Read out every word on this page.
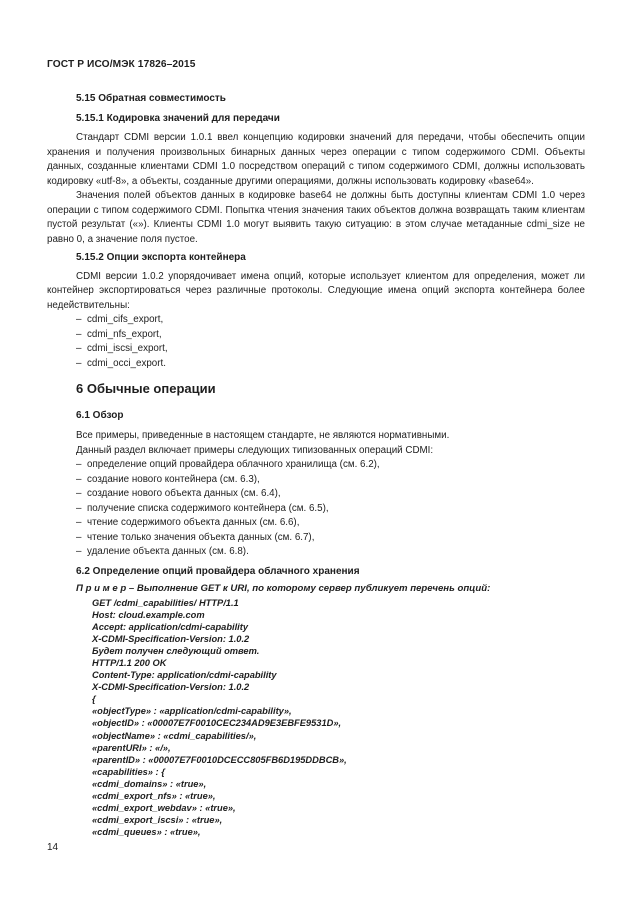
ГОСТ Р ИСО/МЭК 17826–2015

5.15 Обратная совместимость

5.15.1 Кодировка значений для передачи

Стандарт CDMI версии 1.0.1 ввел концепцию кодировки значений для передачи, чтобы обеспечить опции хранения и получения произвольных бинарных данных через операции с типом содержимого CDMI. Объекты данных, созданные клиентами CDMI 1.0 посредством операций с типом содержимого CDMI, должны использовать кодировку «utf-8», а объекты, созданные другими операциями, должны использовать кодировку «base64».

Значения полей объектов данных в кодировке base64 не должны быть доступны клиентам CDMI 1.0 через операции с типом содержимого CDMI. Попытка чтения значения таких объектов должна возвращать таким клиентам пустой результат («»). Клиенты CDMI 1.0 могут выявить такую ситуацию: в этом случае метаданные cdmi_size не равно 0, а значение поля пустое.

5.15.2 Опции экспорта контейнера

CDMI версии 1.0.2 упорядочивает имена опций, которые использует клиентом для определения, может ли контейнер экспортироваться через различные протоколы. Следующие имена опций экспорта контейнера более недействительны:

– cdmi_cifs_export,
– cdmi_nfs_export,
– cdmi_iscsi_export,
– cdmi_occi_export.

6 Обычные операции

6.1 Обзор

Все примеры, приведенные в настоящем стандарте, не являются нормативными.

Данный раздел включает примеры следующих типизованных операций CDMI:

– определение опций провайдера облачного хранилища (см. 6.2),
– создание нового контейнера (см. 6.3),
– создание нового объекта данных (см. 6.4),
– получение списка содержимого контейнера (см. 6.5),
– чтение содержимого объекта данных (см. 6.6),
– чтение только значения объекта данных (см. 6.7),
– удаление объекта данных (см. 6.8).

6.2 Определение опций провайдера облачного хранения

П р и м е р – Выполнение GET к URI, по которому сервер публикует перечень опций:

GET /cdmi_capabilities/ HTTP/1.1

Host: cloud.example.com

Accept: application/cdmi-capability

X-CDMI-Specification-Version: 1.0.2

Будет получен следующий ответ.

HTTP/1.1 200 OK

Content-Type: application/cdmi-capability

X-CDMI-Specification-Version: 1.0.2

{

«objectType» : «application/cdmi-capability»,

«objectID» : «00007E7F0010CEC234AD9E3EBFE9531D»,

«objectName» : «cdmi_capabilities/»,

«parentURI» : «/»,

«parentID» : «00007E7F0010DCECC805FB6D195DDBCB»,

«capabilities» : {

«cdmi_domains» : «true»,

«cdmi_export_nfs» : «true»,

«cdmi_export_webdav» : «true»,

«cdmi_export_iscsi» : «true»,

«cdmi_queues» : «true»,

14
